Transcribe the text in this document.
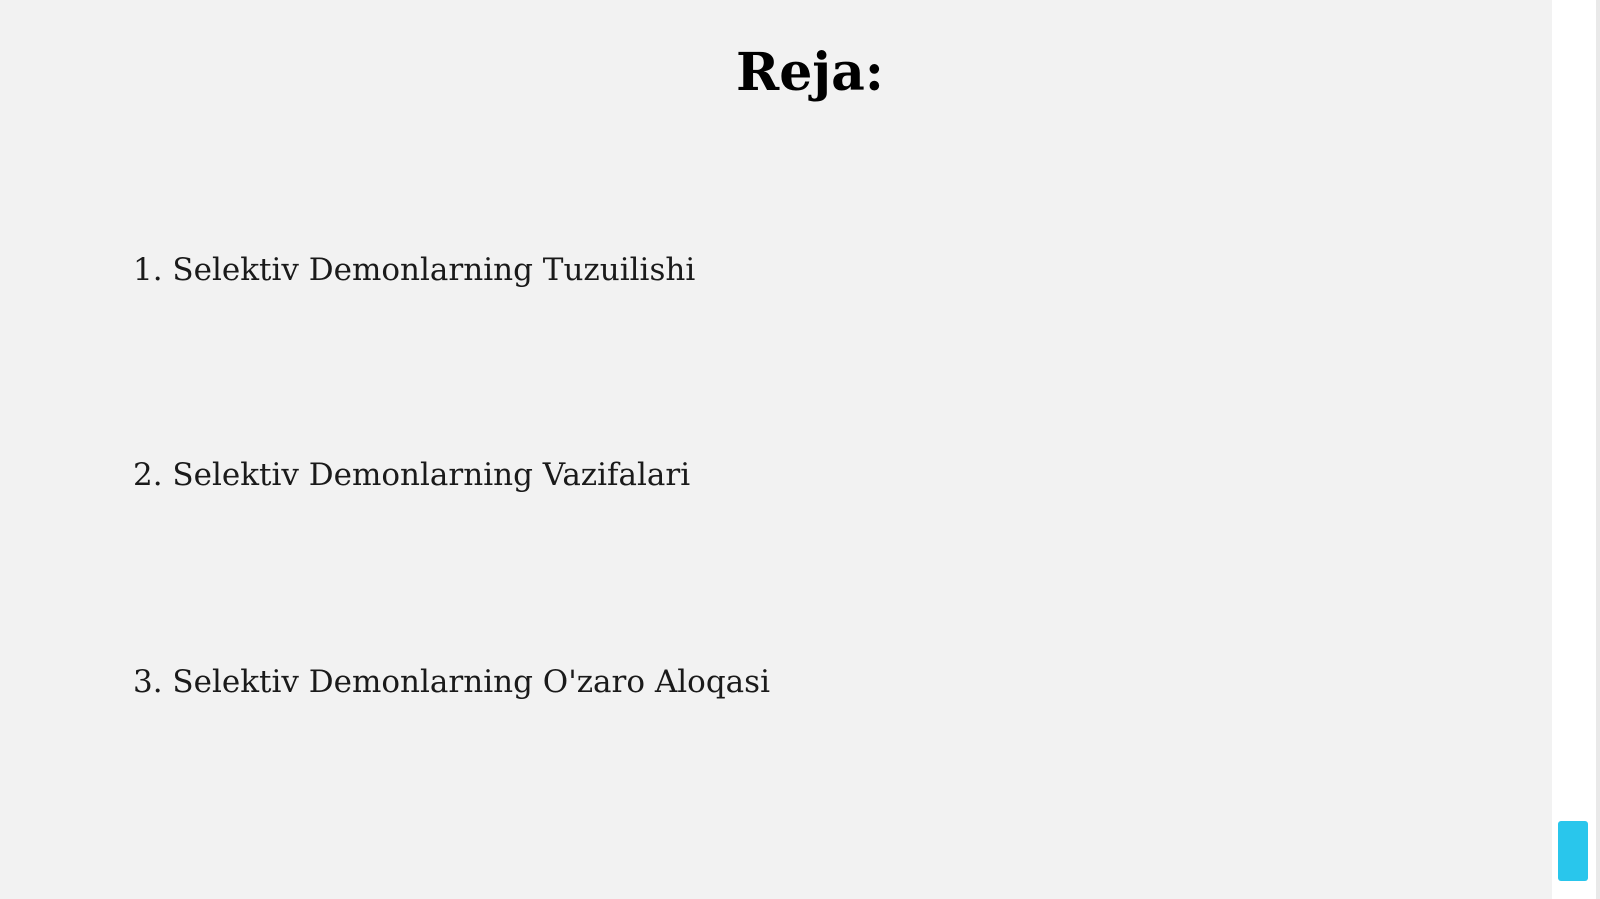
Reja:
1. Selektiv Demonlarning Tuzuilishi
2. Selektiv Demonlarning Vazifalari
3. Selektiv Demonlarning O'zaro Aloqasi
